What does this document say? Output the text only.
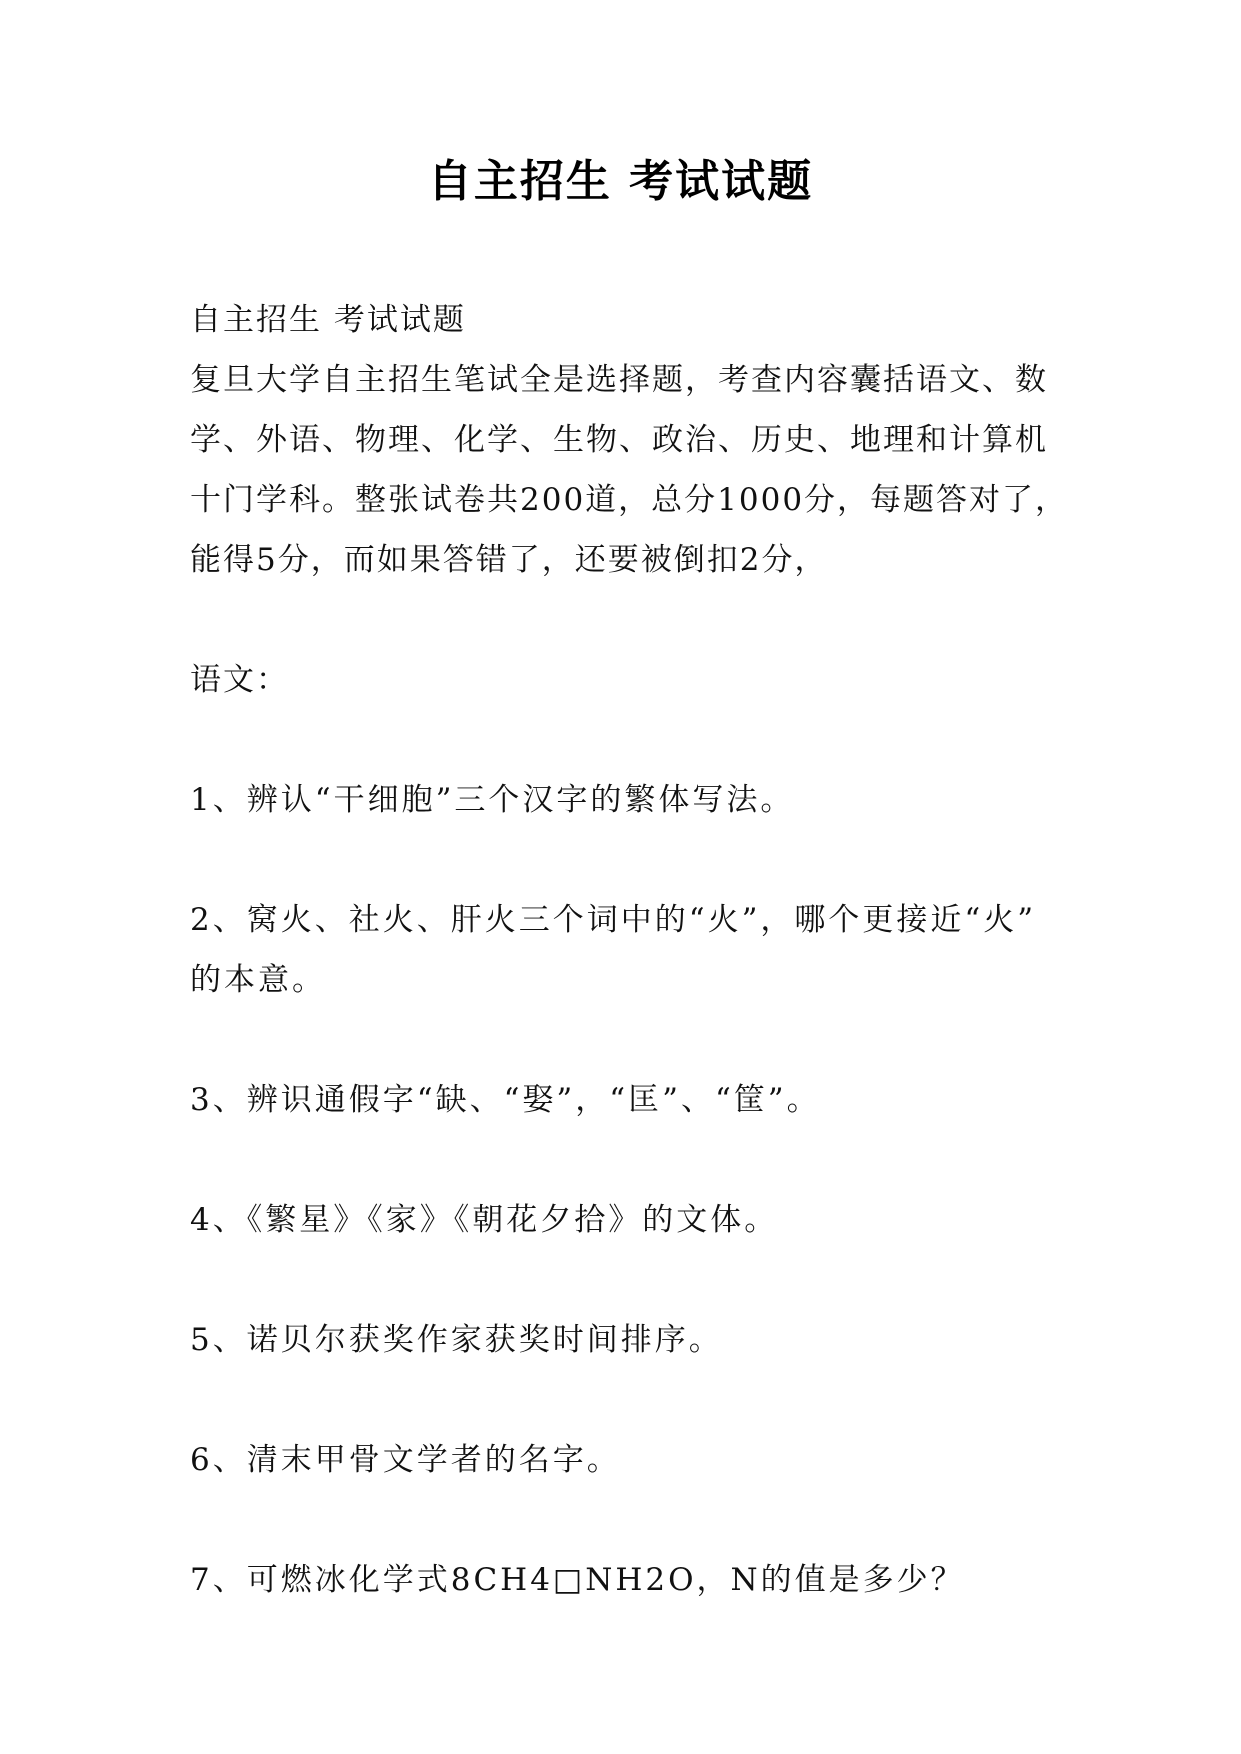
自主招生 考试试题

自主招生 考试试题

复旦大学自主招生笔试全是选择题，考查内容囊括语文、数

学、外语、物理、化学、生物、政治、历史、地理和计算机

十门学科。整张试卷共200道，总分1000分，每题答对了，

能得5分，而如果答错了，还要被倒扣2分，

语文：

1、辨认“干细胞”三个汉字的繁体写法。

2、窝火、社火、肝火三个词中的“火”，哪个更接近“火”

的本意。

3、辨识通假字“缺、“娶”，“匡”、“筐”。

4、《繁星》《家》《朝花夕拾》的文体。

5、诺贝尔获奖作家获奖时间排序。

6、清末甲骨文学者的名字。

7、可燃冰化学式8CH4□NH2O，N的值是多少？
